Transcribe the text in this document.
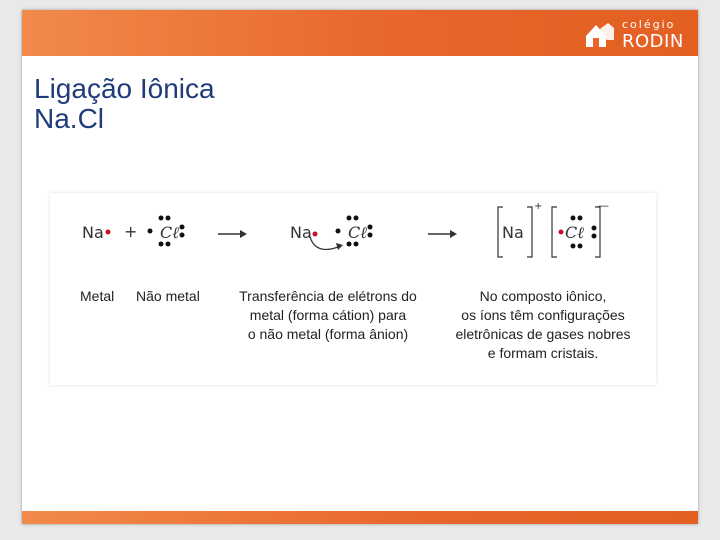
colégio
RODIN
Ligação Iônica
Na.Cl
Na + Cℓ	Na Cℓ	Na
+
Cℓ
—
Metal Não metal	Transferência de elétrons do
metal (forma cátion) para
o não metal (forma ânion)
No composto iônico,
os íons têm configurações
eletrônicas de gases nobres
e formam cristais.
